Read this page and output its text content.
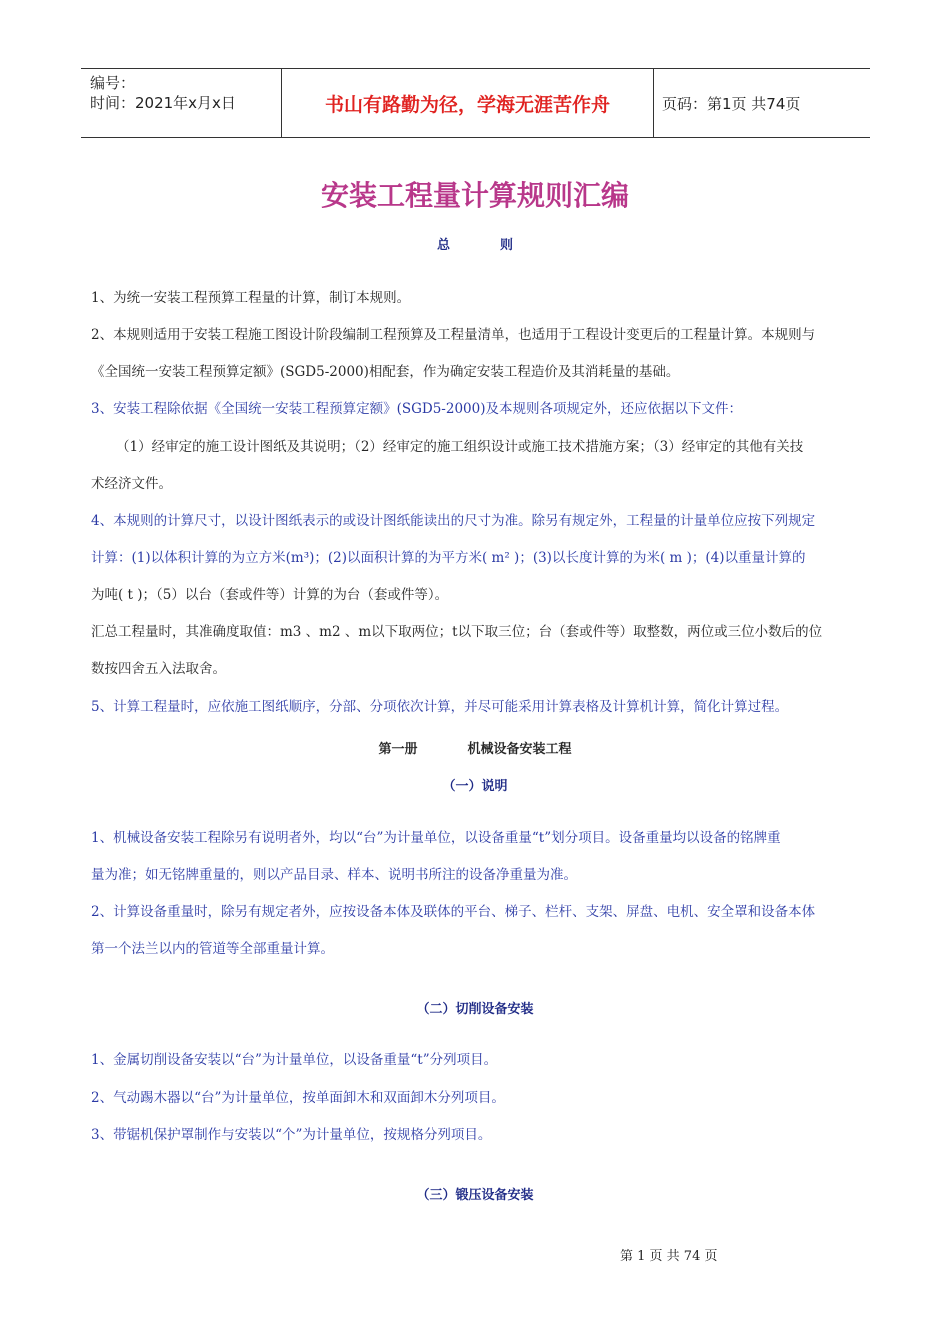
编号：
时间：2021年x月x日	书山有路勤为径，学海无涯苦作舟	页码：第1页 共74页
安装工程量计算规则汇编
总	则
1、为统一安装工程预算工程量的计算，制订本规则。
2、本规则适用于安装工程施工图设计阶段编制工程预算及工程量清单，也适用于工程设计变更后的工程量计算。本规则与
《全国统一安装工程预算定额》(SGD5-2000)相配套，作为确定安装工程造价及其消耗量的基础。
3、安装工程除依据《全国统一安装工程预算定额》(SGD5-2000)及本规则各项规定外，还应依据以下文件：
（1）经审定的施工设计图纸及其说明；（2）经审定的施工组织设计或施工技术措施方案；（3）经审定的其他有关技
术经济文件。
4、本规则的计算尺寸，以设计图纸表示的或设计图纸能读出的尺寸为准。除另有规定外，工程量的计量单位应按下列规定
计算：(1)以体积计算的为立方米(m³)；(2)以面积计算的为平方米( m² )；(3)以长度计算的为米( m )；(4)以重量计算的
为吨( t )；（5）以台（套或件等）计算的为台（套或件等）。
汇总工程量时，其准确度取值：m3 、m2 、m以下取两位；t以下取三位；台（套或件等）取整数，两位或三位小数后的位
数按四舍五入法取舍。
5、计算工程量时，应依施工图纸顺序，分部、分项依次计算，并尽可能采用计算表格及计算机计算，简化计算过程。
第一册	机械设备安装工程
（一）说明
1、机械设备安装工程除另有说明者外，均以“台”为计量单位，以设备重量“t”划分项目。设备重量均以设备的铭牌重
量为准；如无铭牌重量的，则以产品目录、样本、说明书所注的设备净重量为准。
2、计算设备重量时，除另有规定者外，应按设备本体及联体的平台、梯子、栏杆、支架、屏盘、电机、安全罩和设备本体
第一个法兰以内的管道等全部重量计算。
（二）切削设备安装
1、金属切削设备安装以“台”为计量单位，以设备重量“t”分列项目。
2、气动踢木器以“台”为计量单位，按单面卸木和双面卸木分列项目。
3、带锯机保护罩制作与安装以“个”为计量单位，按规格分列项目。
（三）锻压设备安装
第 1 页 共 74 页
